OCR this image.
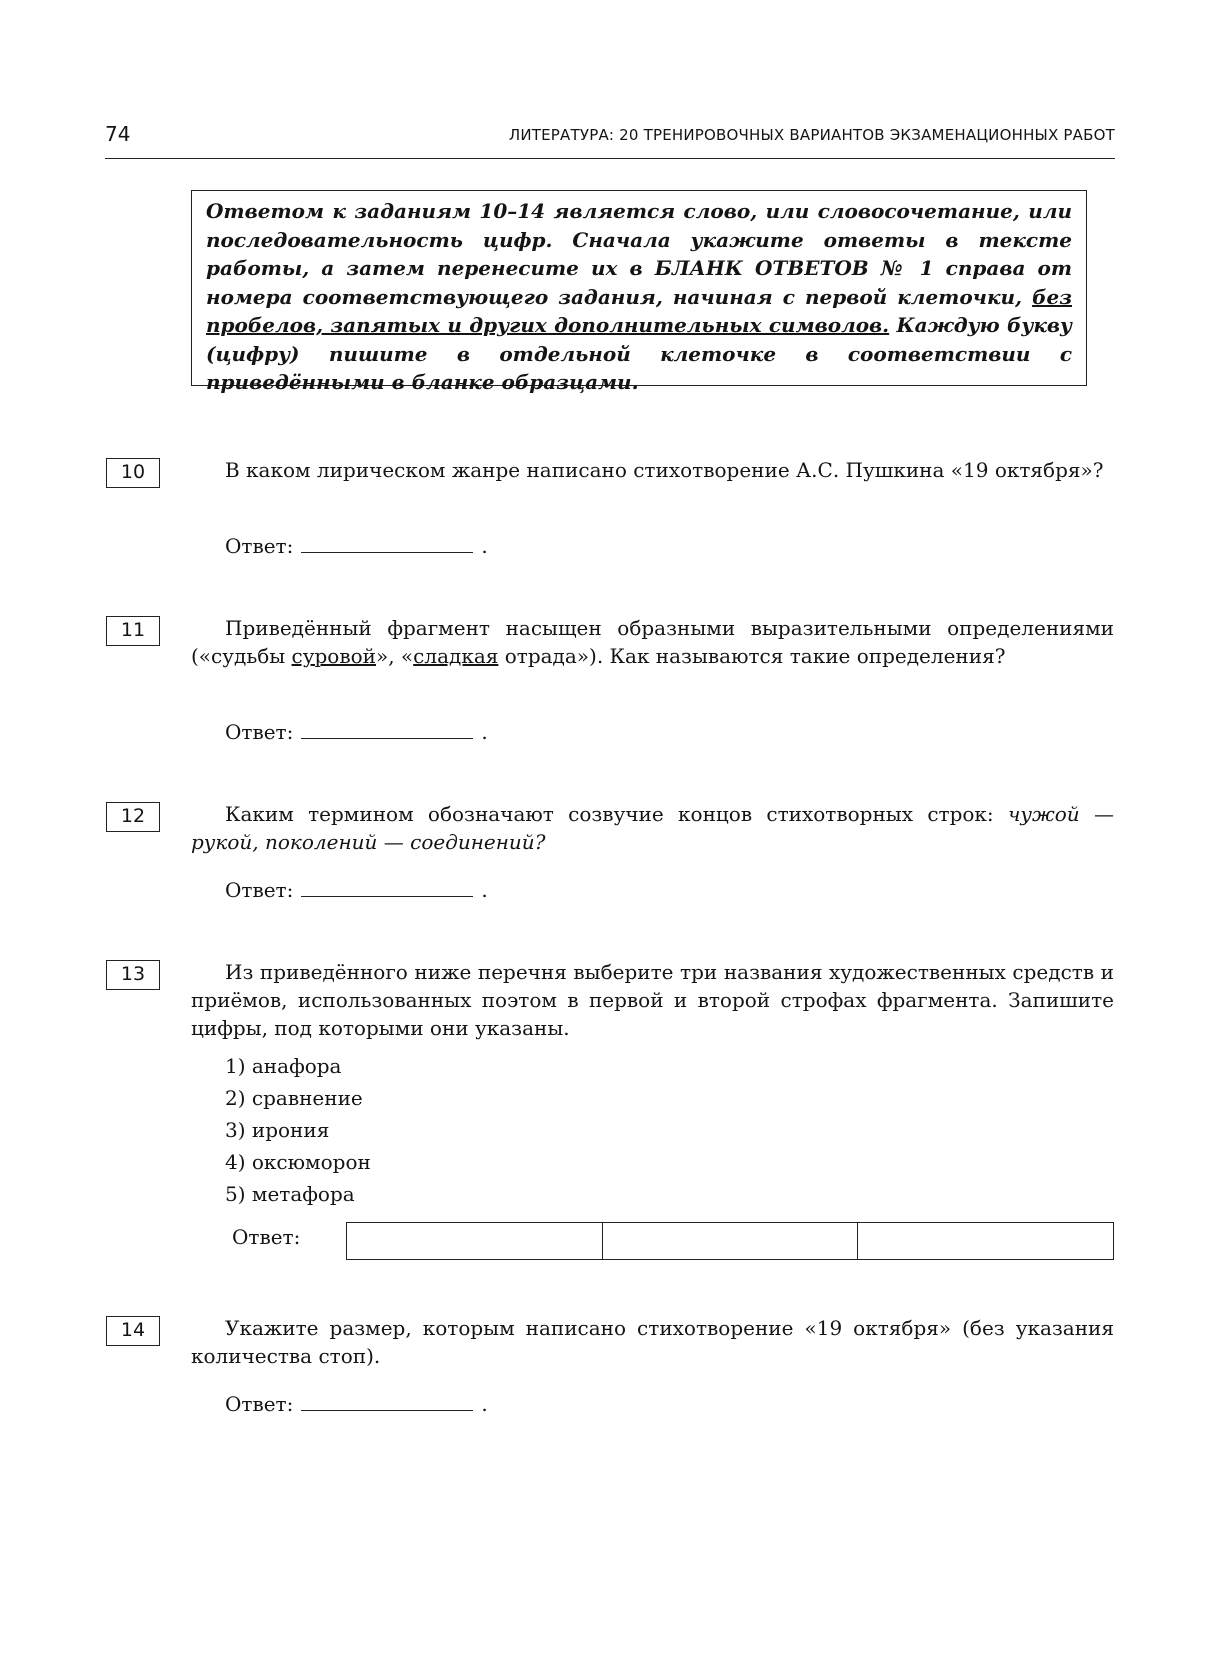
74	ЛИТЕРАТУРА: 20 ТРЕНИРОВОЧНЫХ ВАРИАНТОВ ЭКЗАМЕНАЦИОННЫХ РАБОТ
Ответом к заданиям 10–14 является слово, или словосочетание, или последовательность цифр. Сначала укажите ответы в тексте работы, а затем перенесите их в БЛАНК ОТВЕТОВ № 1 справа от номера соответствующего задания, начиная с первой клеточки, без пробелов, запятых и других дополнительных символов. Каждую букву (цифру) пишите в отдельной клеточке в соответствии с приведёнными в бланке образцами.
10	В каком лирическом жанре написано стихотворение А.С. Пушкина «19 октября»?
Ответ:	.
11	Приведённый фрагмент насыщен образными выразительными определениями («судьбы суровой», «сладкая отрада»). Как называются такие определения?
Ответ:	.
12	Каким термином обозначают созвучие концов стихотворных строк: чужой — рукой, поколений — соединений?
Ответ:	.
13	Из приведённого ниже перечня выберите три названия художественных средств и приёмов, использованных поэтом в первой и второй строфах фрагмента. Запишите цифры, под которыми они указаны.
1) анафора
2) сравнение
3) ирония
4) оксюморон
5) метафора
Ответ:
14	Укажите размер, которым написано стихотворение «19 октября» (без указания количества стоп).
Ответ:	.
